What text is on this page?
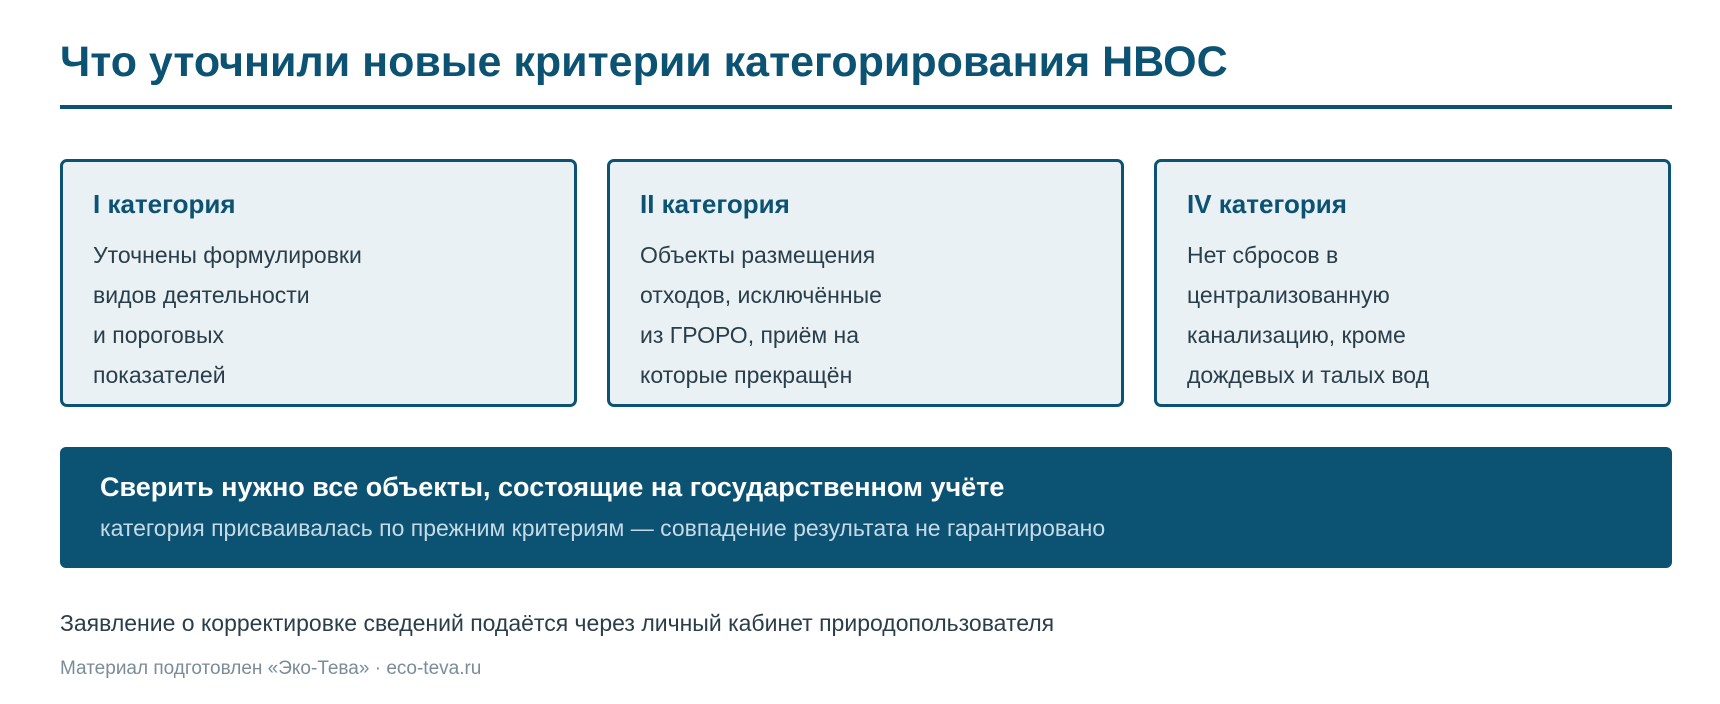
Что уточнили новые критерии категорирования НВОС
I категория
Уточнены формулировки
видов деятельности
и пороговых
показателей
II категория
Объекты размещения
отходов, исключённые
из ГРОРО, приём на
которые прекращён
IV категория
Нет сбросов в
централизованную
канализацию, кроме
дождевых и талых вод
Сверить нужно все объекты, состоящие на государственном учёте
категория присваивалась по прежним критериям — совпадение результата не гарантировано
Заявление о корректировке сведений подаётся через личный кабинет природопользователя
Материал подготовлен «Эко-Тева» · eco-teva.ru
